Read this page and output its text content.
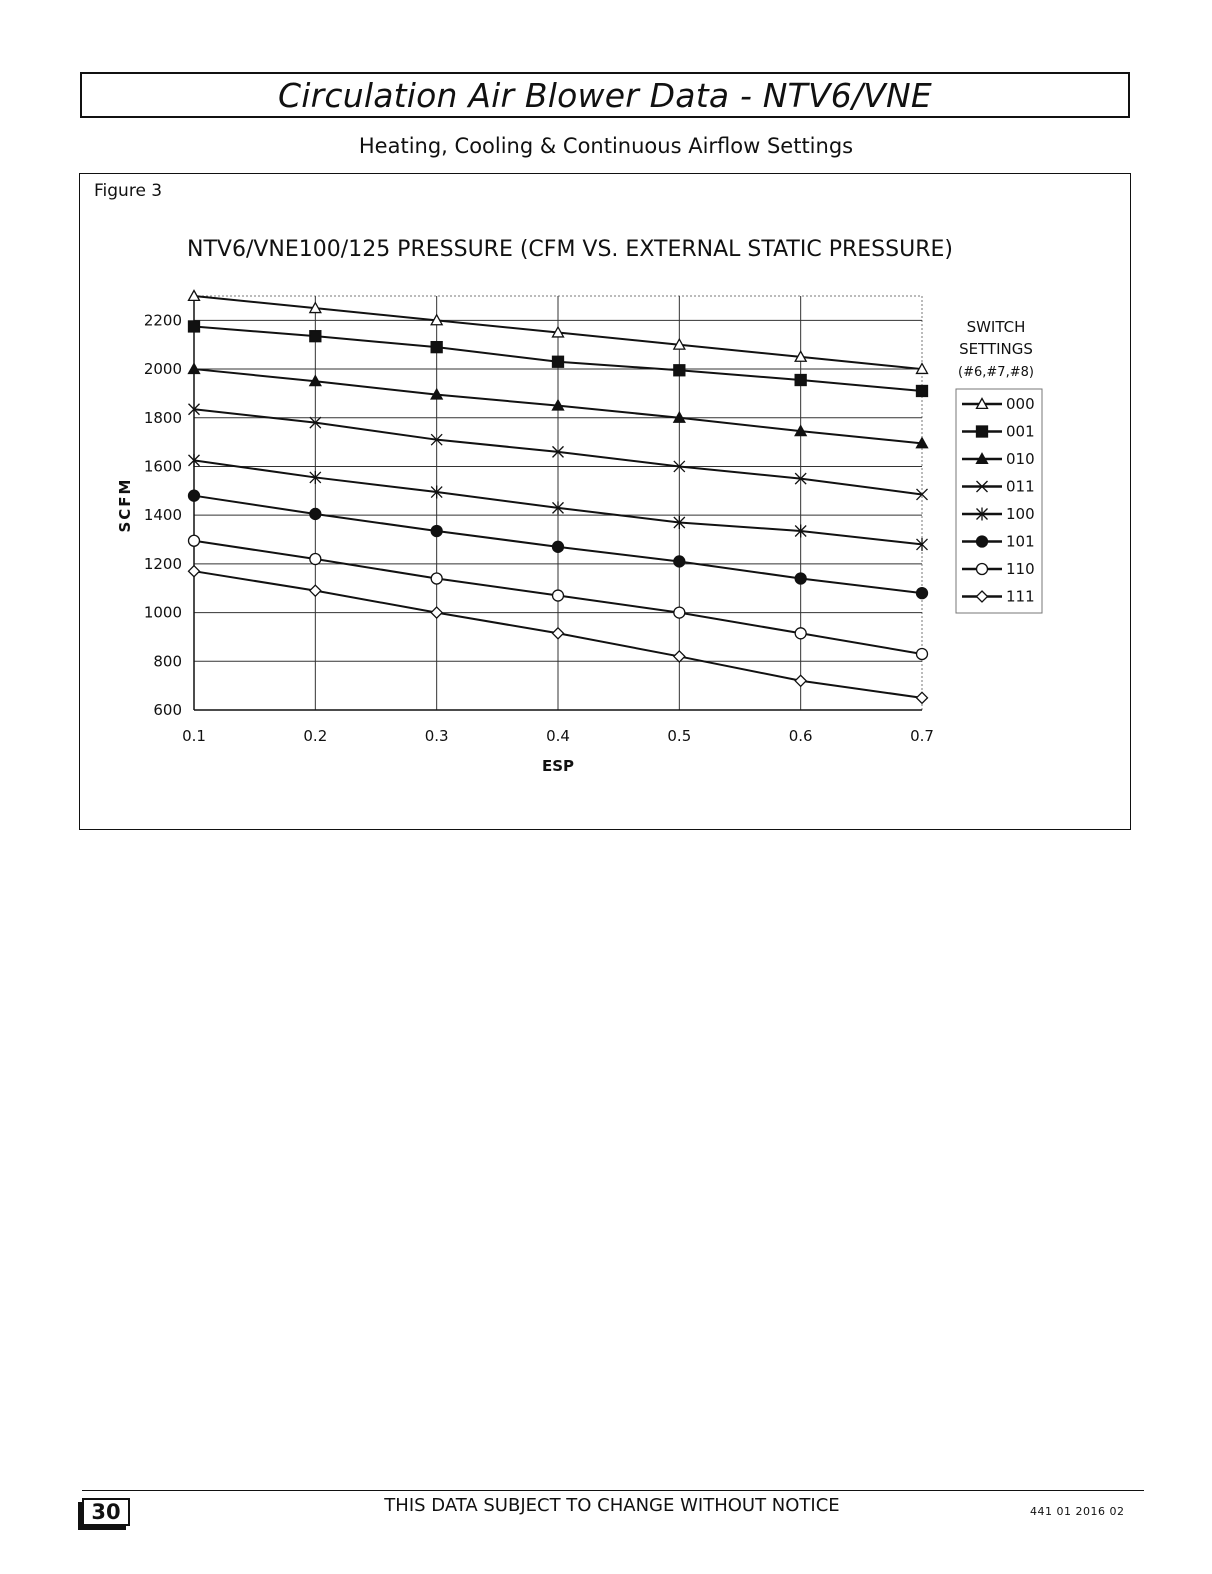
Circulation Air Blower Data - NTV6/VNE
Heating, Cooling & Continuous Airflow Settings
Figure 3
NTV6/VNE100/125 PRESSURE (CFM VS. EXTERNAL STATIC PRESSURE)
600
800
1000
1200
1400
1600
1800
2000
2200
0.1	0.2	0.3	0.4	0.5	0.6	0.7
SCFM
ESP
SWITCH
SETTINGS
(#6,#7,#8)
000
001
010
011
100
101
110
111
30	THIS DATA SUBJECT TO CHANGE WITHOUT NOTICE	441 01 2016 02
